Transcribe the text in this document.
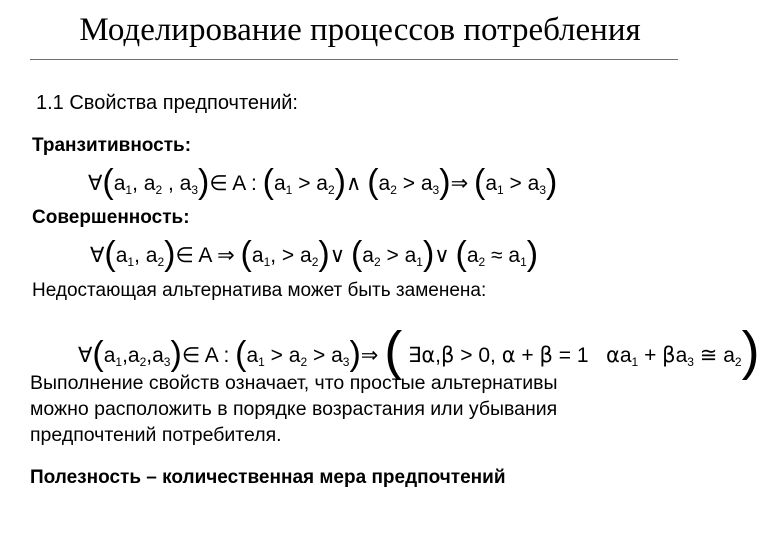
Моделирование процессов потребления
1.1 Свойства предпочтений:
Транзитивность:
$\forall(a_1$, $a_2$ , $a_3)\in$ A : ($a_1$ > $a_2)\wedge$ ($a_2$ > $a_3)\Rightarrow$ $(a_1 > a_3)$
Совершенность:
$\forall(a_1$, $a_2)\in$ A ⇒ ($a_1$, > $a_2)\vee$ ($a_2$ > $a_1)\vee$ $(a_2 \approx a_1)$
Недостающая альтернатива может быть заменена:
$\forall(a_1,a_2,a_3)\in$ A : ($a_1 > a_2$ > $a_3)\Rightarrow$ ( ∃α,β > 0, α + β = 1   $\alpha a_1 + \beta a_3$ ≅ $a_2$)
Выполнение свойств означает, что простые альтернативы
можно расположить в порядке возрастания или убывания
предпочтений потребителя.
Полезность – количественная мера предпочтений
